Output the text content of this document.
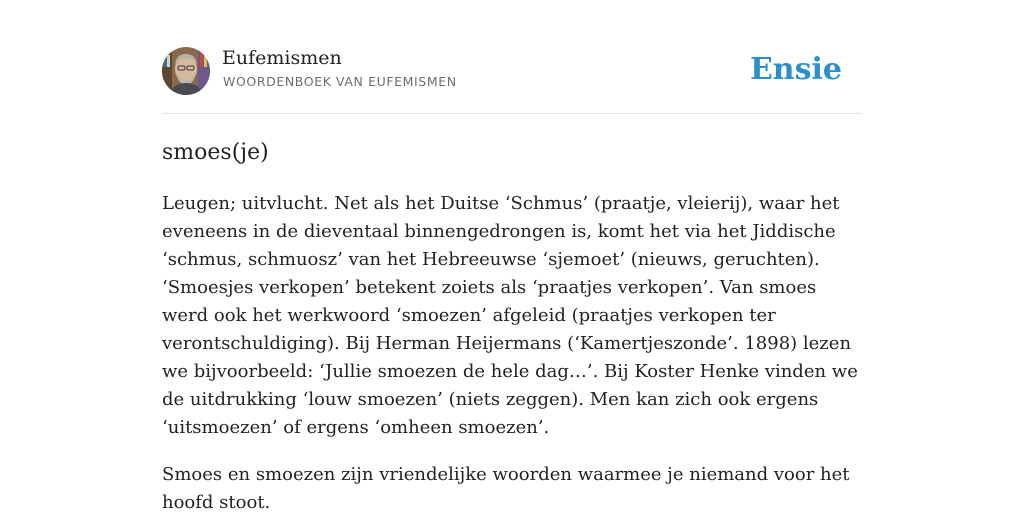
Eufemismen
WOORDENBOEK VAN EUFEMISMEN	Ensie
smoes(je)

Leugen; uitvlucht. Net als het Duitse ‘Schmus’ (praatje, vleierij), waar het eveneens in de dieventaal binnengedrongen is, komt het via het Jiddische ‘schmus, schmuosz’ van het Hebreeuwse ‘sjemoet’ (nieuws, geruchten). ‘Smoesjes verkopen’ betekent zoiets als ‘praatjes verkopen’. Van smoes werd ook het werkwoord ‘smoezen’ afgeleid (praatjes verkopen ter verontschuldiging). Bij Herman Heijermans (‘Kamertjeszonde’. 1898) lezen we bijvoorbeeld: ‘Jullie smoezen de hele dag…’. Bij Koster Henke vinden we de uitdrukking ‘louw smoezen’ (niets zeggen). Men kan zich ook ergens ‘uitsmoezen’ of ergens ‘omheen smoezen’.

Smoes en smoezen zijn vriendelijke woorden waarmee je niemand voor het hoofd stoot.
